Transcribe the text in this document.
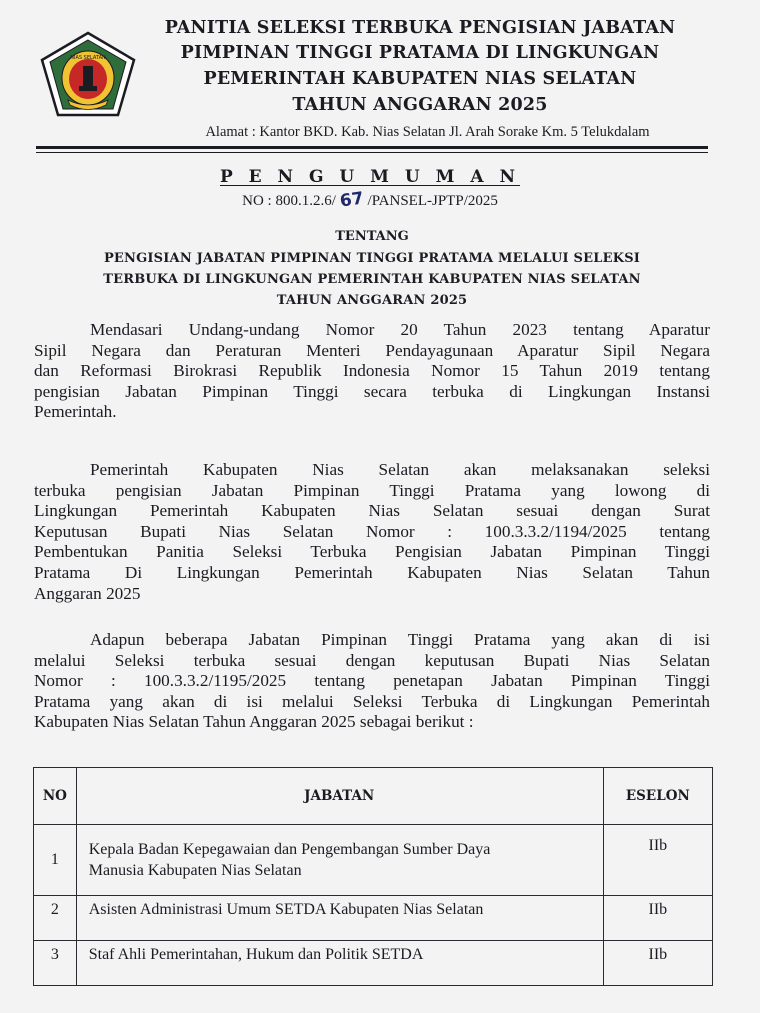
NIAS SELATAN
PANITIA SELEKSI TERBUKA PENGISIAN JABATAN
PIMPINAN TINGGI PRATAMA DI LINGKUNGAN
PEMERINTAH KABUPATEN NIAS SELATAN
TAHUN ANGGARAN 2025
Alamat : Kantor BKD. Kab. Nias Selatan Jl. Arah Sorake Km. 5 Telukdalam
P E N G U M U M A N
NO : 800.1.2.6/ 67 /PANSEL-JPTP/2025
TENTANG
PENGISIAN JABATAN PIMPINAN TINGGI PRATAMA MELALUI SELEKSI
TERBUKA DI LINGKUNGAN PEMERINTAH KABUPATEN NIAS SELATAN
TAHUN ANGGARAN 2025
Mendasari Undang-undang Nomor 20 Tahun 2023 tentang Aparatur
Sipil Negara dan Peraturan Menteri Pendayagunaan Aparatur Sipil Negara
dan Reformasi Birokrasi Republik Indonesia Nomor 15 Tahun 2019 tentang
pengisian Jabatan Pimpinan Tinggi secara terbuka di Lingkungan Instansi
Pemerintah.
Pemerintah Kabupaten Nias Selatan akan melaksanakan seleksi
terbuka pengisian Jabatan Pimpinan Tinggi Pratama yang lowong di
Lingkungan Pemerintah Kabupaten Nias Selatan sesuai dengan Surat
Keputusan Bupati Nias Selatan Nomor : 100.3.3.2/1194/2025 tentang
Pembentukan Panitia Seleksi Terbuka Pengisian Jabatan Pimpinan Tinggi
Pratama Di Lingkungan Pemerintah Kabupaten Nias Selatan Tahun
Anggaran 2025
Adapun beberapa Jabatan Pimpinan Tinggi Pratama yang akan di isi
melalui Seleksi terbuka sesuai dengan keputusan Bupati Nias Selatan
Nomor : 100.3.3.2/1195/2025 tentang penetapan Jabatan Pimpinan Tinggi
Pratama yang akan di isi melalui Seleksi Terbuka di Lingkungan Pemerintah
Kabupaten Nias Selatan Tahun Anggaran 2025 sebagai berikut :
NO	JABATAN	ESELON
1	Kepala Badan Kepegawaian dan Pengembangan Sumber Daya
Manusia Kabupaten Nias Selatan	IIb
2	Asisten Administrasi Umum SETDA Kabupaten Nias Selatan	IIb
3	Staf Ahli Pemerintahan, Hukum dan Politik SETDA	IIb
